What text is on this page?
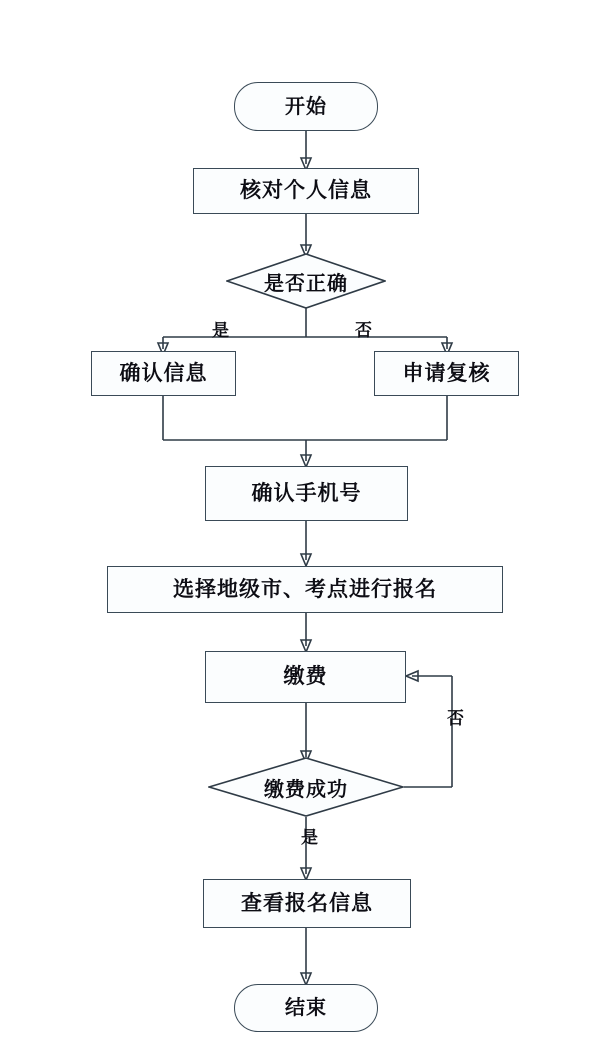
开始
核对个人信息
是否正确
是	否
确认信息	申请复核
确认手机号
选择地级市、考点进行报名
缴费
缴费成功
否
是
查看报名信息
结束
